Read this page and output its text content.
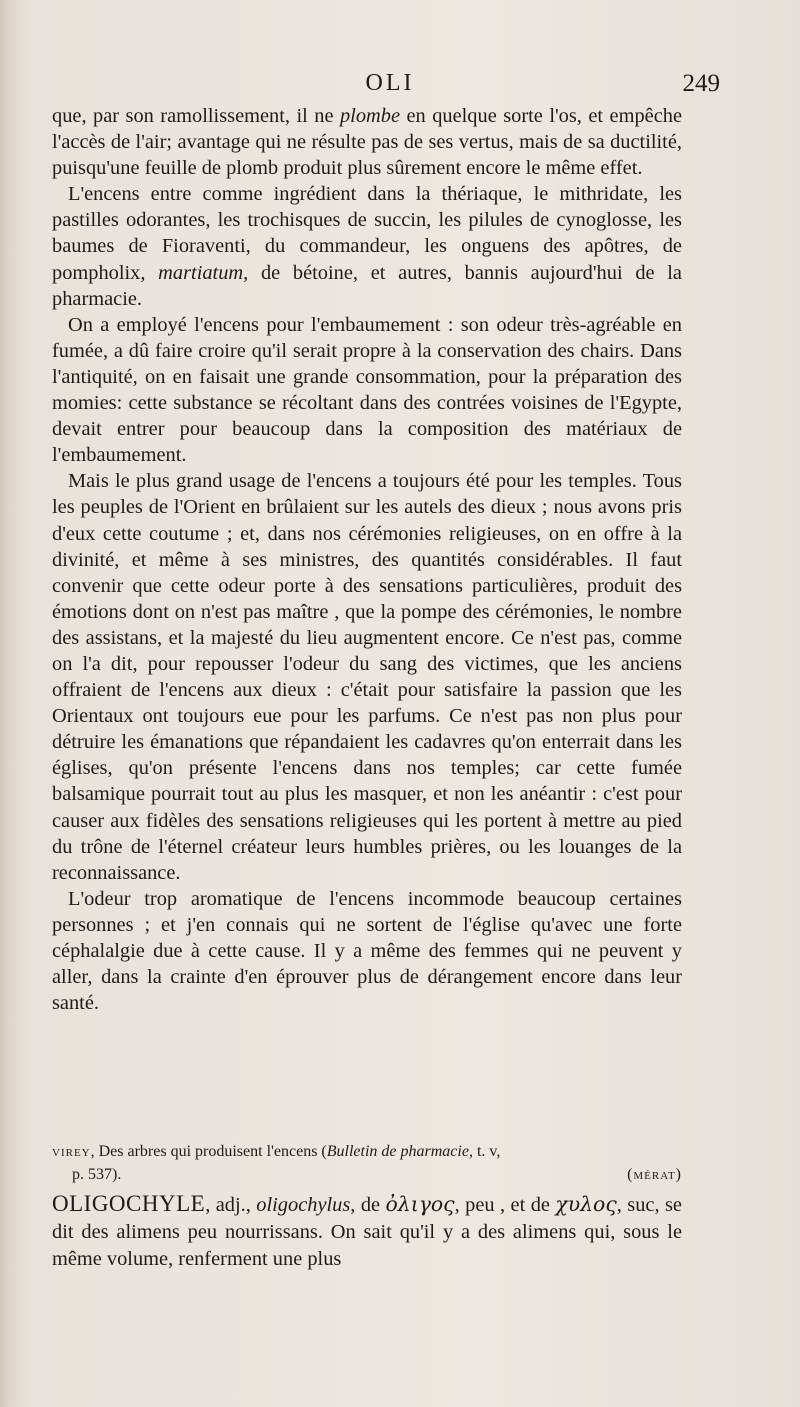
OLI	249

que, par son ramollissement, il ne plombe en quelque sorte l'os, et empêche l'accès de l'air; avantage qui ne résulte pas de ses vertus, mais de sa ductilité, puisqu'une feuille de plomb produit plus sûrement encore le même effet.

L'encens entre comme ingrédient dans la thériaque, le mithridate, les pastilles odorantes, les trochisques de succin, les pilules de cynoglosse, les baumes de Fioraventi, du commandeur, les onguens des apôtres, de pompholix, martiatum, de bétoine, et autres, bannis aujourd'hui de la pharmacie.

On a employé l'encens pour l'embaumement : son odeur très-agréable en fumée, a dû faire croire qu'il serait propre à la conservation des chairs. Dans l'antiquité, on en faisait une grande consommation, pour la préparation des momies: cette substance se récoltant dans des contrées voisines de l'Egypte, devait entrer pour beaucoup dans la composition des matériaux de l'embaumement.

Mais le plus grand usage de l'encens a toujours été pour les temples. Tous les peuples de l'Orient en brûlaient sur les autels des dieux ; nous avons pris d'eux cette coutume ; et, dans nos cérémonies religieuses, on en offre à la divinité, et même à ses ministres, des quantités considérables. Il faut convenir que cette odeur porte à des sensations particulières, produit des émotions dont on n'est pas maître , que la pompe des cérémonies, le nombre des assistans, et la majesté du lieu augmentent encore. Ce n'est pas, comme on l'a dit, pour repousser l'odeur du sang des victimes, que les anciens offraient de l'encens aux dieux : c'était pour satisfaire la passion que les Orientaux ont toujours eue pour les parfums. Ce n'est pas non plus pour détruire les émanations que répandaient les cadavres qu'on enterrait dans les églises, qu'on présente l'encens dans nos temples; car cette fumée balsamique pourrait tout au plus les masquer, et non les anéantir : c'est pour causer aux fidèles des sensations religieuses qui les portent à mettre au pied du trône de l'éternel créateur leurs humbles prières, ou les louanges de la reconnaissance.

L'odeur trop aromatique de l'encens incommode beaucoup certaines personnes ; et j'en connais qui ne sortent de l'église qu'avec une forte céphalalgie due à cette cause. Il y a même des femmes qui ne peuvent y aller, dans la crainte d'en éprouver plus de dérangement encore dans leur santé.

virey, Des arbres qui produisent l'encens (Bulletin de pharmacie, t. v,
p. 537).	(mérat)
OLIGOCHYLE, adj., oligochylus, de ὀλιγος, peu , et de χυλος, suc, se dit des alimens peu nourrissans. On sait qu'il y a des alimens qui, sous le même volume, renferment une plus
